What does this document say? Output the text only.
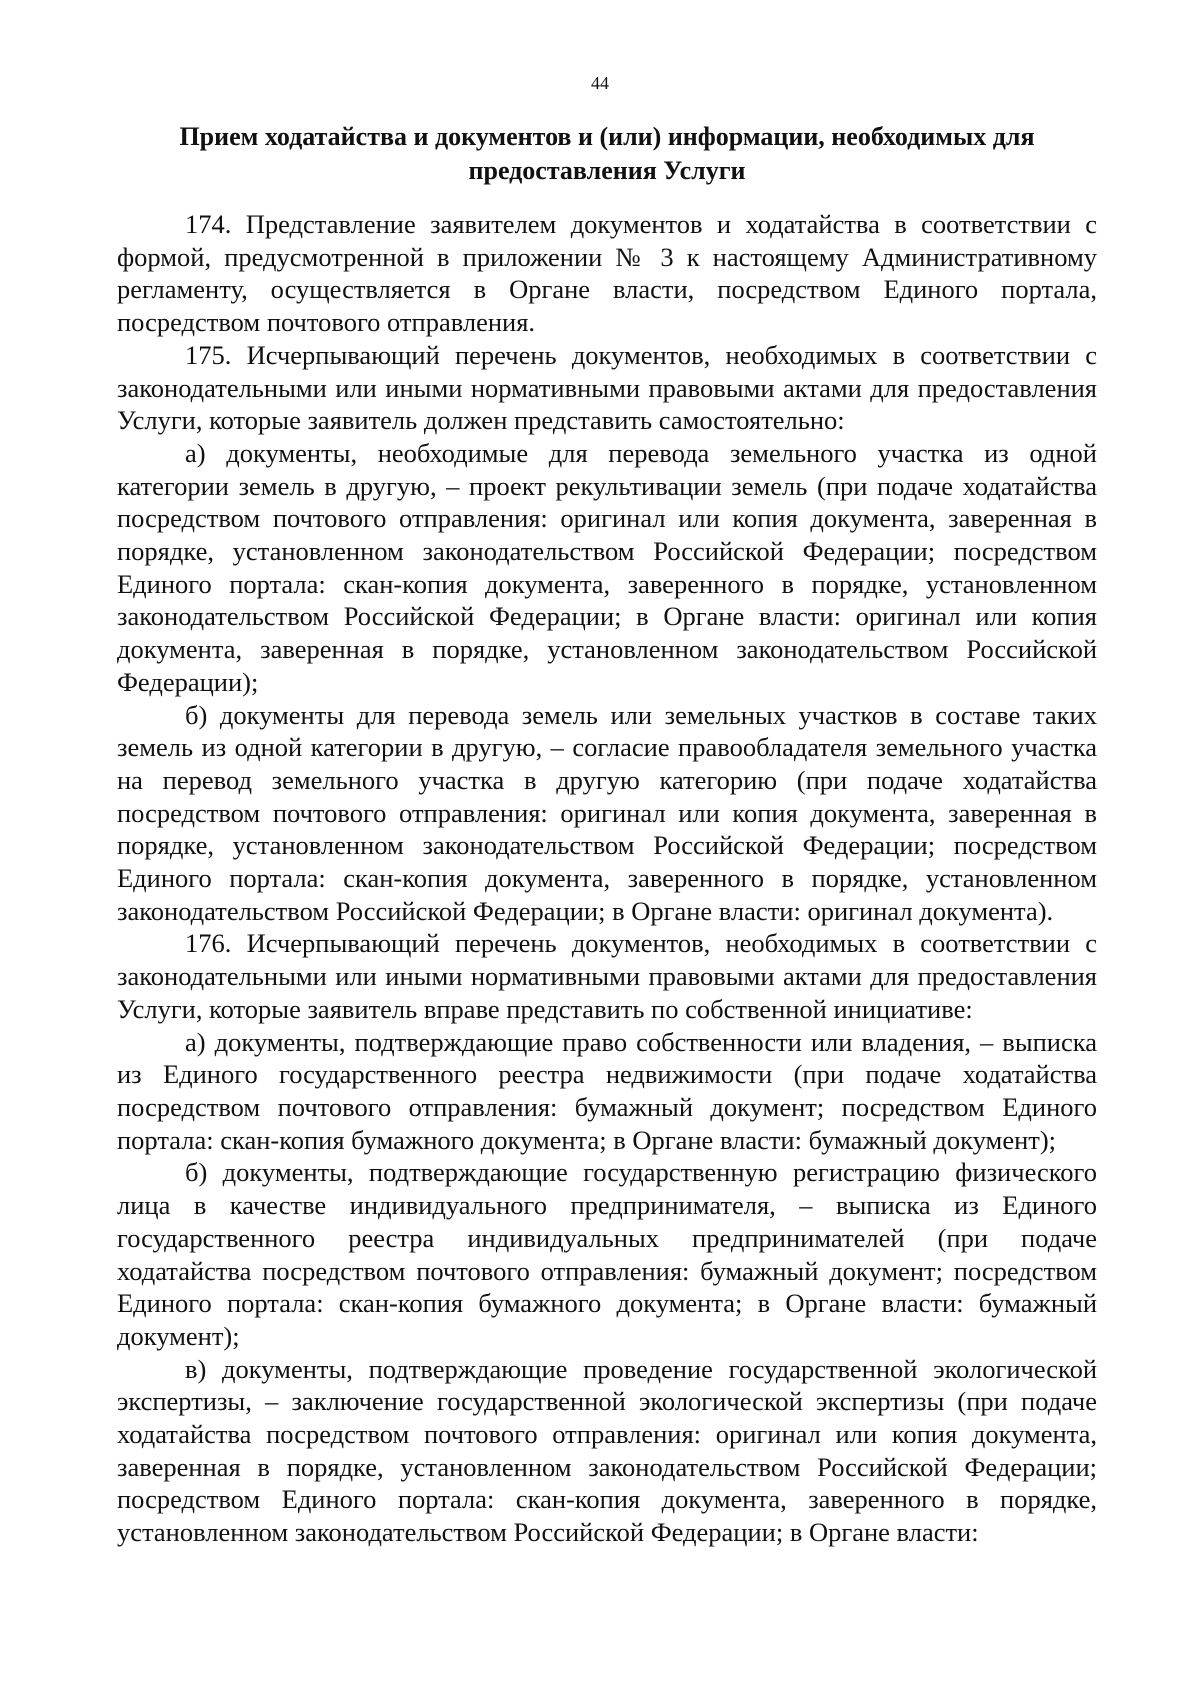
44
Прием ходатайства и документов и (или) информации, необходимых для предоставления Услуги

174. Представление заявителем документов и ходатайства в соответствии с формой, предусмотренной в приложении № 3 к настоящему Административному регламенту, осуществляется в Органе власти, посредством Единого портала, посредством почтового отправления.

175. Исчерпывающий перечень документов, необходимых в соответствии с законодательными или иными нормативными правовыми актами для предоставления Услуги, которые заявитель должен представить самостоятельно:

а) документы, необходимые для перевода земельного участка из одной категории земель в другую, – проект рекультивации земель (при подаче ходатайства посредством почтового отправления: оригинал или копия документа, заверенная в порядке, установленном законодательством Российской Федерации; посредством Единого портала: скан-копия документа, заверенного в порядке, установленном законодательством Российской Федерации; в Органе власти: оригинал или копия документа, заверенная в порядке, установленном законодательством Российской Федерации);

б) документы для перевода земель или земельных участков в составе таких земель из одной категории в другую, – согласие правообладателя земельного участка на перевод земельного участка в другую категорию (при подаче ходатайства посредством почтового отправления: оригинал или копия документа, заверенная в порядке, установленном законодательством Российской Федерации; посредством Единого портала: скан-копия документа, заверенного в порядке, установленном законодательством Российской Федерации; в Органе власти: оригинал документа).

176. Исчерпывающий перечень документов, необходимых в соответствии с законодательными или иными нормативными правовыми актами для предоставления Услуги, которые заявитель вправе представить по собственной инициативе:

а) документы, подтверждающие право собственности или владения, – выписка из Единого государственного реестра недвижимости (при подаче ходатайства посредством почтового отправления: бумажный документ; посредством Единого портала: скан-копия бумажного документа; в Органе власти: бумажный документ);

б) документы, подтверждающие государственную регистрацию физического лица в качестве индивидуального предпринимателя, – выписка из Единого государственного реестра индивидуальных предпринимателей (при подаче ходатайства посредством почтового отправления: бумажный документ; посредством Единого портала: скан-копия бумажного документа; в Органе власти: бумажный документ);

в) документы, подтверждающие проведение государственной экологической экспертизы, – заключение государственной экологической экспертизы (при подаче ходатайства посредством почтового отправления: оригинал или копия документа, заверенная в порядке, установленном законодательством Российской Федерации; посредством Единого портала: скан-копия документа, заверенного в порядке, установленном законодательством Российской Федерации; в Органе власти:
